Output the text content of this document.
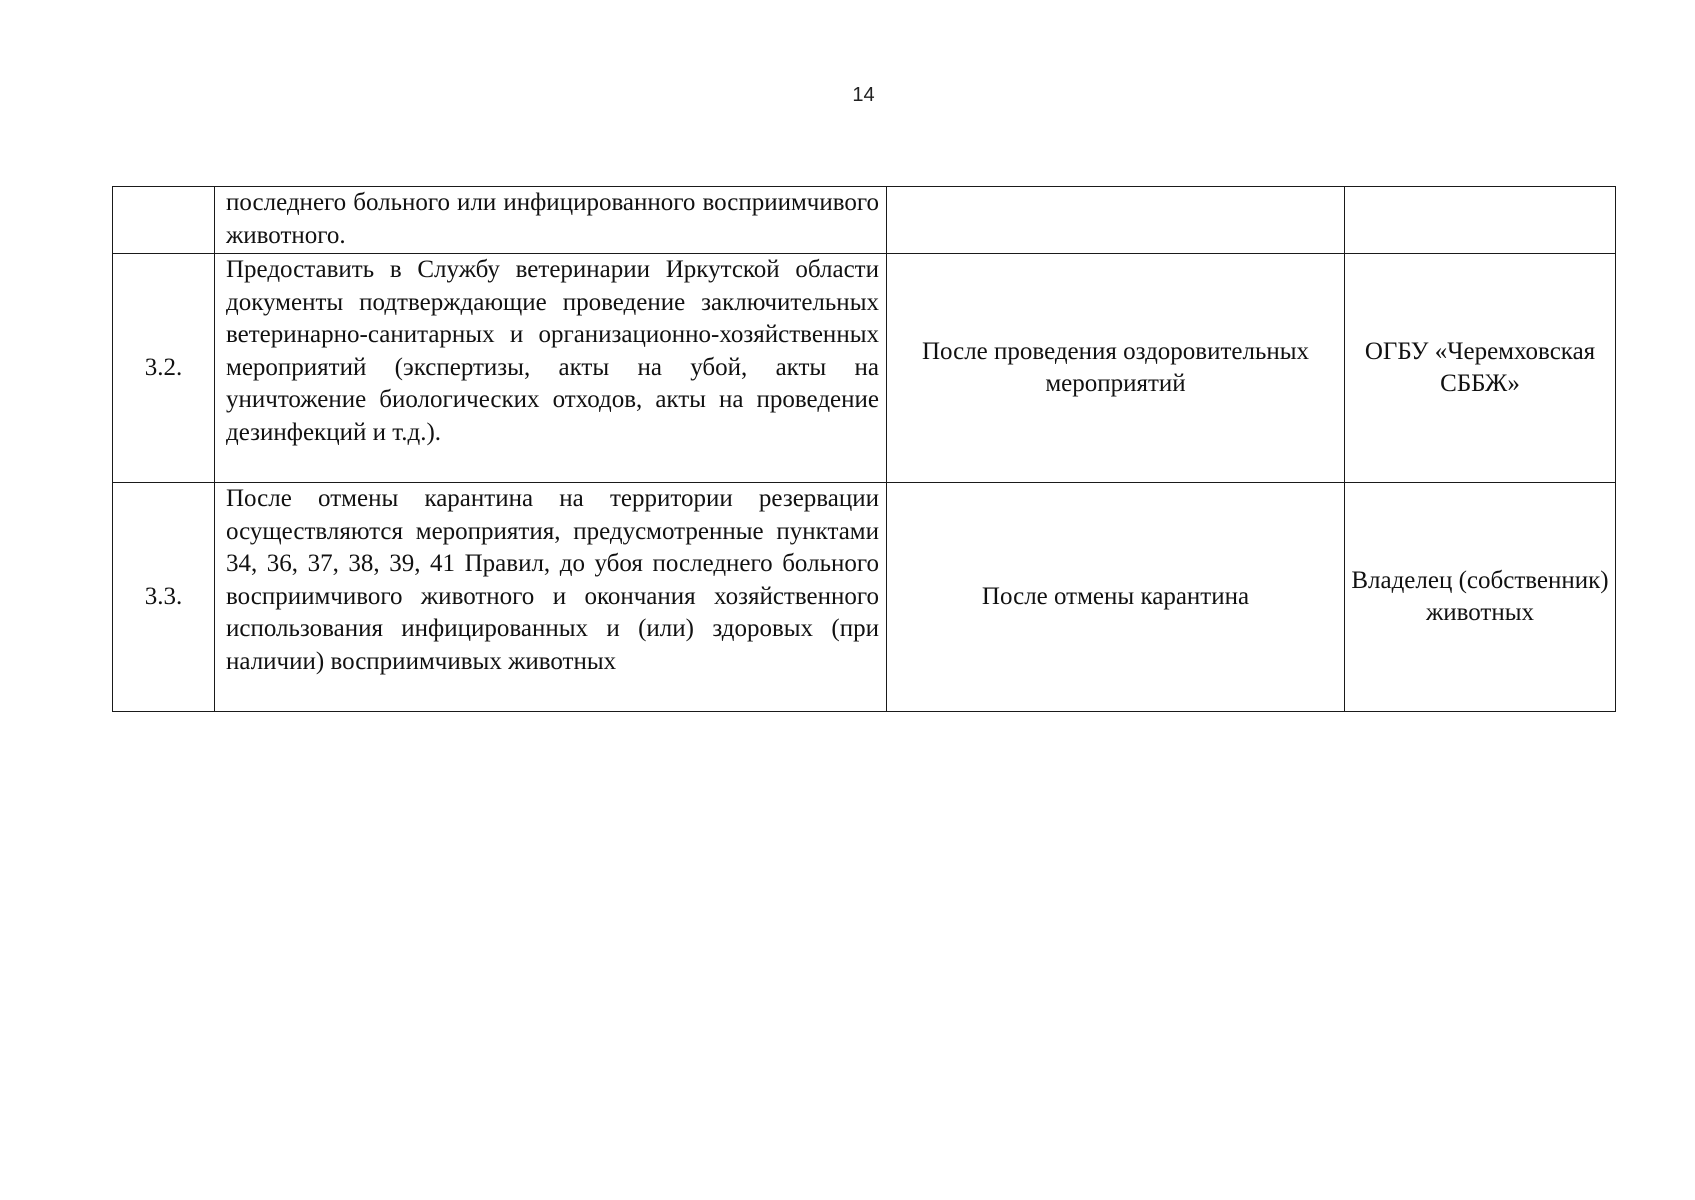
14
	последнего больного или инфицированного восприимчивого животного.		
3.2.	Предоставить в Службу ветеринарии Иркутской области документы подтверждающие проведение заключительных ветеринарно-санитарных и организационно-хозяйственных мероприятий (экспертизы, акты на убой, акты на уничтожение биологических отходов, акты на проведение дезинфекций и т.д.).	После проведения оздоровительных мероприятий	ОГБУ «Черемховская СББЖ»
3.3.	После отмены карантина на территории резервации осуществляются мероприятия, предусмотренные пунктами 34, 36, 37, 38, 39, 41 Правил, до убоя последнего больного восприимчивого животного и окончания хозяйственного использования инфицированных и (или) здоровых (при наличии) восприимчивых животных	После отмены карантина	Владелец (собственник) животных
